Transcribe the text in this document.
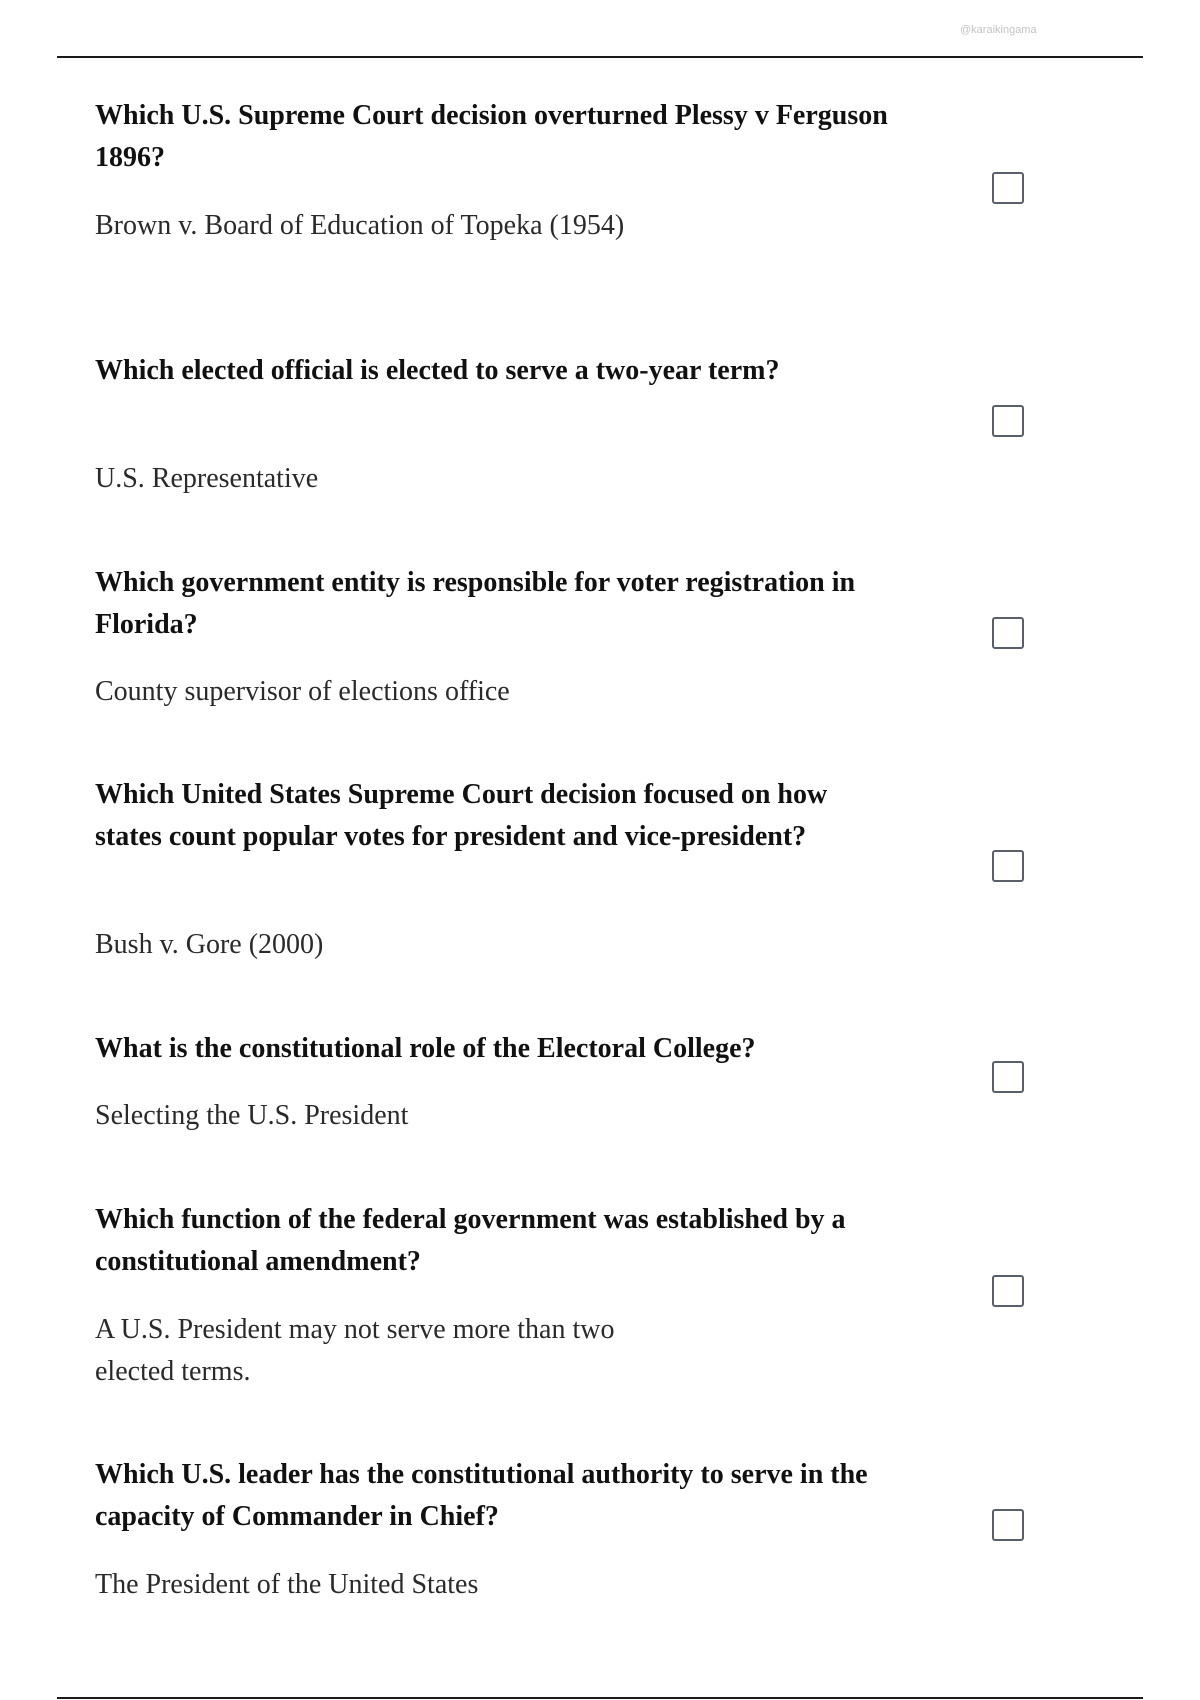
@karaikingama

Which U.S. Supreme Court decision overturned Plessy v Ferguson 1896?

Brown v. Board of Education of Topeka (1954)

Which elected official is elected to serve a two-year term?

U.S. Representative

Which government entity is responsible for voter registration in Florida?

County supervisor of elections office

Which United States Supreme Court decision focused on how states count popular votes for president and vice-president?

Bush v. Gore (2000)

What is the constitutional role of the Electoral College?

Selecting the U.S. President

Which function of the federal government was established by a constitutional amendment?

A U.S. President may not serve more than two elected terms.

Which U.S. leader has the constitutional authority to serve in the capacity of Commander in Chief?

The President of the United States
